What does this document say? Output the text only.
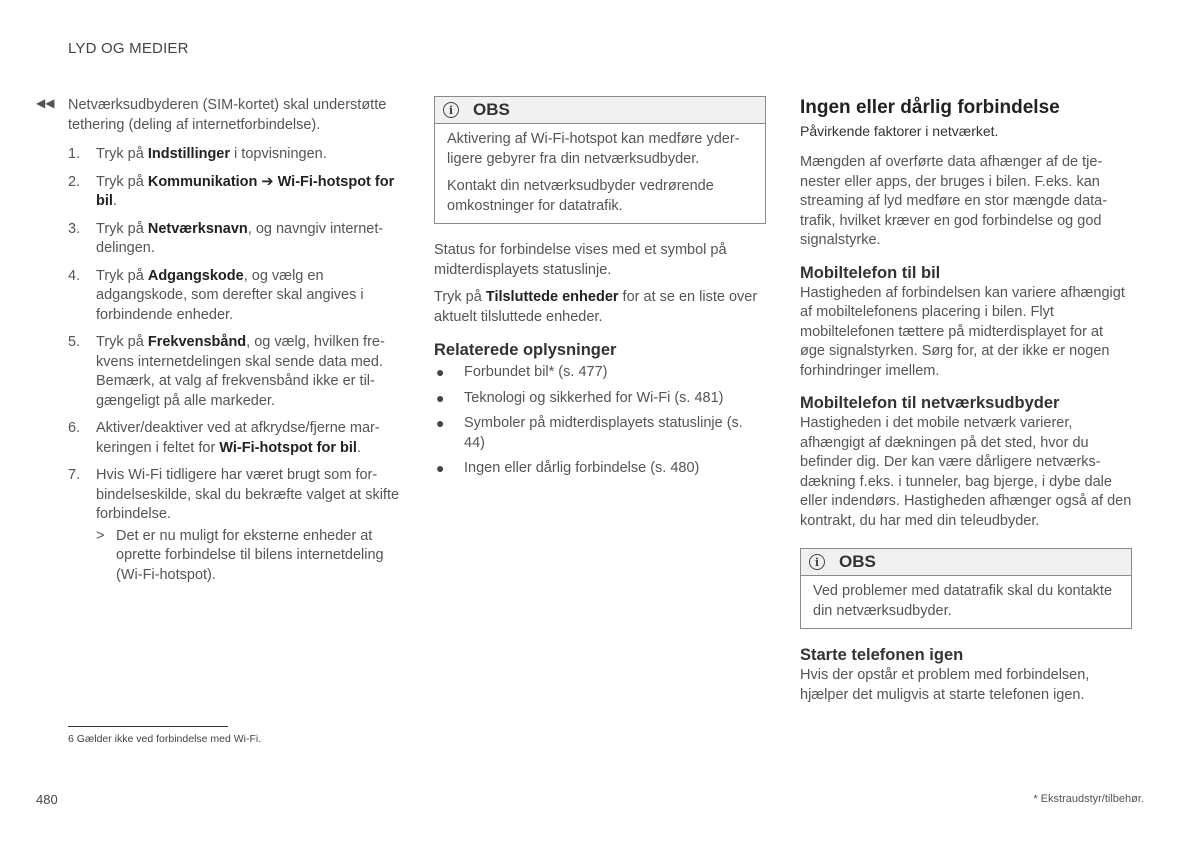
LYD OG MEDIER
◀◀ Netværksudbyderen (SIM-kortet) skal understøtte tethering (deling af internetforbindelse).

1.	Tryk på Indstillinger i topvisningen.

2.	Tryk på Kommunikation ➔ Wi-Fi-hotspot for bil.

3.	Tryk på Netværksnavn, og navngiv internetdelingen.

4.	Tryk på Adgangskode, og vælg en adgangskode, som derefter skal angives i forbindende enheder.

5.	Tryk på Frekvensbånd, og vælg, hvilken frekvens internetdelingen skal sende data med. Bemærk, at valg af frekvensbånd ikke er tilgængeligt på alle markeder.

6.	Aktiver/deaktiver ved at afkrydse/fjerne markeringen i feltet for Wi-Fi-hotspot for bil.

7.	Hvis Wi-Fi tidligere har været brugt som forbindelseskilde, skal du bekræfte valget at skifte forbindelse.

> Det er nu muligt for eksterne enheder at oprette forbindelse til bilens internetdeling (Wi-Fi-hotspot).

i	OBS

Aktivering af Wi-Fi-hotspot kan medføre yderligere gebyrer fra din netværksudbyder.

Kontakt din netværksudbyder vedrørende omkostninger for datatrafik.

Status for forbindelse vises med et symbol på midterdisplayets statuslinje.

Tryk på Tilsluttede enheder for at se en liste over aktuelt tilsluttede enheder.

Relaterede oplysninger
●	Forbundet bil* (s. 477)
●	Teknologi og sikkerhed for Wi-Fi (s. 481)
●	Symboler på midterdisplayets statuslinje (s. 44)
●	Ingen eller dårlig forbindelse (s. 480)
Ingen eller dårlig forbindelse

Påvirkende faktorer i netværket.

Mængden af overførte data afhænger af de tjenester eller apps, der bruges i bilen. F.eks. kan streaming af lyd medføre en stor mængde datatrafik, hvilket kræver en god forbindelse og god signalstyrke.

Mobiltelefon til bil

Hastigheden af forbindelsen kan variere afhængigt af mobiltelefonens placering i bilen. Flyt mobiltelefonen tættere på midterdisplayet for at øge signalstyrken. Sørg for, at der ikke er nogen forhindringer imellem.

Mobiltelefon til netværksudbyder

Hastigheden i det mobile netværk varierer, afhængigt af dækningen på det sted, hvor du befinder dig. Der kan være dårligere netværksdækning f.eks. i tunneler, bag bjerge, i dybe dale eller indendørs. Hastigheden afhænger også af den kontrakt, du har med din teleudbyder.

i	OBS

Ved problemer med datatrafik skal du kontakte din netværksudbyder.

Starte telefonen igen

Hvis der opstår et problem med forbindelsen, hjælper det muligvis at starte telefonen igen.

6 Gælder ikke ved forbindelse med Wi-Fi.
480	* Ekstraudstyr/tilbehør.
